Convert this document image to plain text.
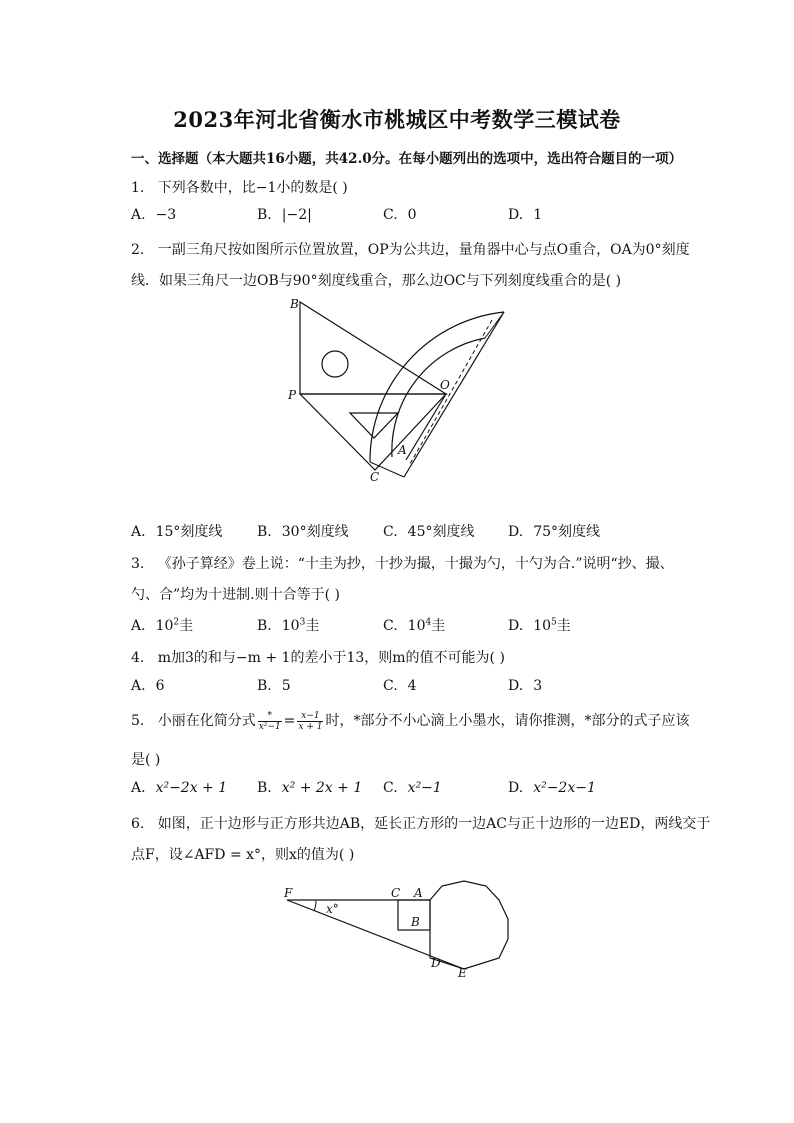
2023年河北省衡水市桃城区中考数学三模试卷
一、选择题（本大题共16小题，共42.0分。在每小题列出的选项中，选出符合题目的一项）
1. 下列各数中，比−1小的数是( )
A. −3	B. |−2|	C. 0	D. 1
2. 一副三角尺按如图所示位置放置，OP为公共边，量角器中心与点O重合，OA为0°刻度
线．如果三角尺一边OB与90°刻度线重合，那么边OC与下列刻度线重合的是( )
B
P
O
A
C
A. 15°刻度线 B. 30°刻度线 C. 45°刻度线 D. 75°刻度线
3. 《孙子算经》卷上说：“十圭为抄，十抄为撮，十撮为勺，十勺为合.”说明“抄、撮、
勺、合”均为十进制.则十合等于( )
A. $10^2$圭	B. $10^3$圭	C. $10^4$圭	D. $10^5$圭
4. m加3的和与−m + 1的差小于13，则m的值不可能为( )
A. 6	B. 5	C. 4	D. 3
5. 小丽在化简分式 $\frac{*}{\text{x²−1}} = \frac{x-1}{x + 1}$ 时，*部分不小心滴上小墨水，请你推测，*部分的式子应该
是( )
A. x²−2x + 1 B. x² + 2x + 1 C. x²−1	D. x²−2x−1
6. 如图，正十边形与正方形共边AB，延长正方形的一边AC与正十边形的一边ED，两线交于
点F，设∠AFD = x°，则x的值为( )
F	C A
B
D
E
x°
